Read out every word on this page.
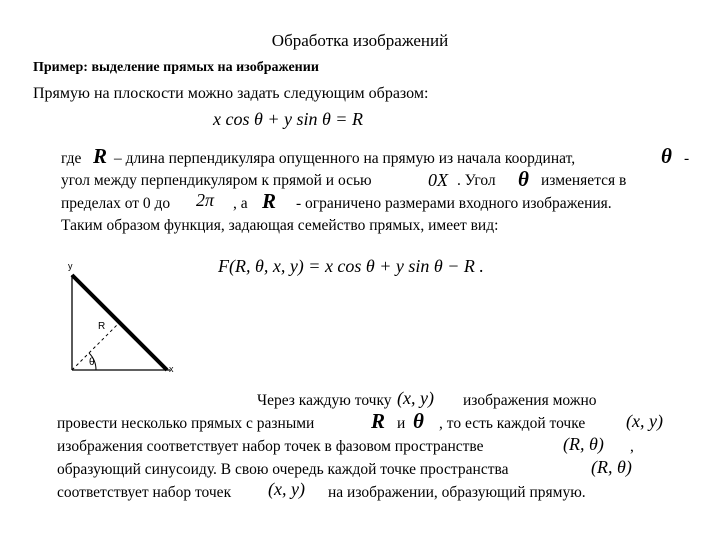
Обработка изображений
Пример: выделение прямых на изображении
Прямую на плоскости можно задать следующим образом:
x cos θ + y sin θ = R
где R – длина перпендикуляра опущенного на прямую из начала координат,	θ -
угол между перпендикуляром к прямой и осью	0X . Угол θ изменяется в
пределах от 0 до 2π , а R - ограничено размерами входного изображения.
Таким образом функция, задающая семейство прямых, имеет вид:
F(R, θ, x, y) = x cos θ + y sin θ − R .
y
x
R
θ
Через каждую точку (x, y) изображения можно
провести несколько прямых с разными	R и θ , то есть каждой точке (x, y)
изображения соответствует набор точек в фазовом пространстве	(R, θ) ,
образующий синусоиду. В свою очередь каждой точке пространства	(R, θ)
соответствует набор точек (x, y) на изображении, образующий прямую.
